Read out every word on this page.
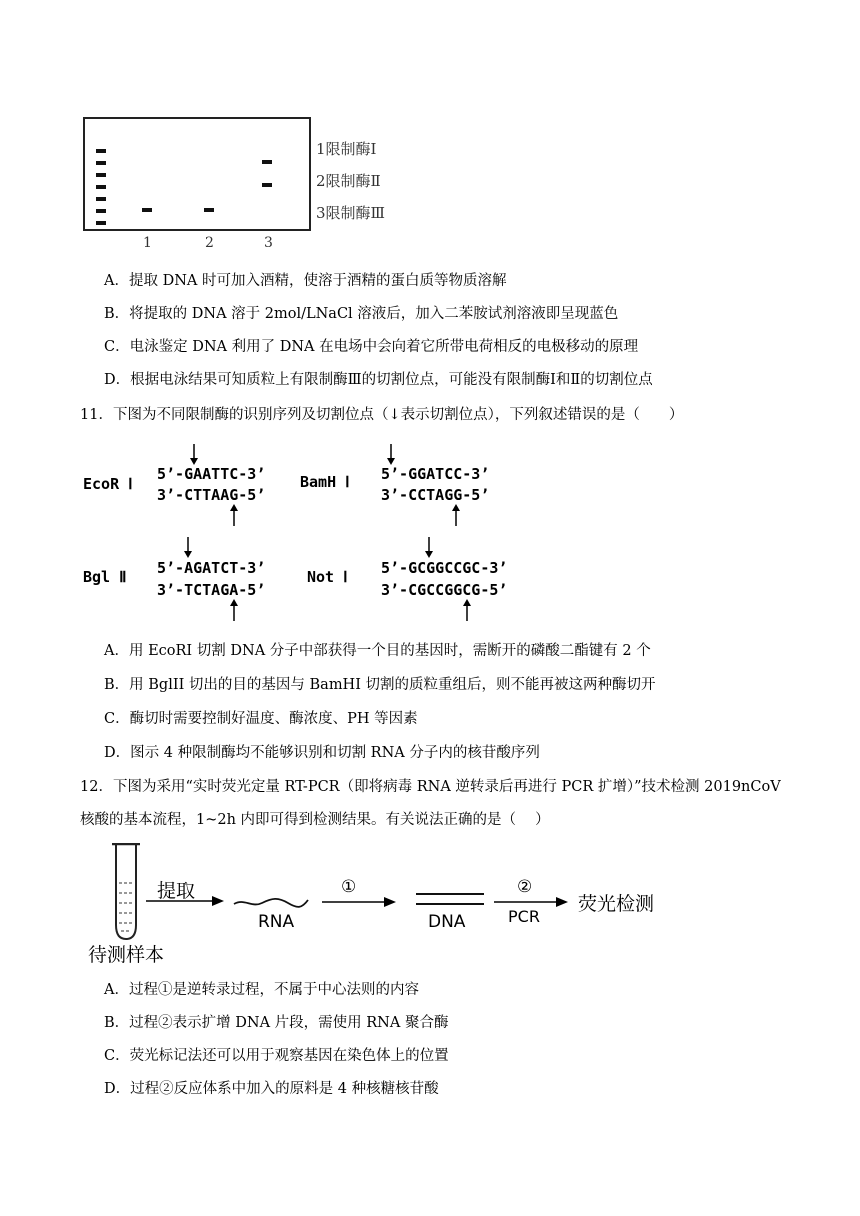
1限制酶Ⅰ
2限制酶Ⅱ
3限制酶Ⅲ
1	2	3
A．提取 DNA 时可加入酒精，使溶于酒精的蛋白质等物质溶解
B．将提取的 DNA 溶于 2mol/LNaCl 溶液后，加入二苯胺试剂溶液即呈现蓝色
C．电泳鉴定 DNA 利用了 DNA 在电场中会向着它所带电荷相反的电极移动的原理
D．根据电泳结果可知质粒上有限制酶Ⅲ的切割位点，可能没有限制酶Ⅰ和Ⅱ的切割位点
11．下图为不同限制酶的识别序列及切割位点（↓表示切割位点），下列叙述错误的是（　　）
EcoR Ⅰ
5’-GAATTC-3’
3’-CTTAAG-5’
BamH Ⅰ 5’-GGATCC-3’
3’-CCTAGG-5’
Bgl Ⅱ 5’-AGATCT-3’
3’-TCTAGA-5’
Not Ⅰ 5’-GCGGCCGC-3’
3’-CGCCGGCG-5’
A．用 EcoRI 切割 DNA 分子中部获得一个目的基因时，需断开的磷酸二酯键有 2 个
B．用 BglII 切出的目的基因与 BamHI 切割的质粒重组后，则不能再被这两种酶切开
C．酶切时需要控制好温度、酶浓度、PH 等因素
D．图示 4 种限制酶均不能够识别和切割 RNA 分子内的核苷酸序列
12．下图为采用“实时荧光定量 RT-PCR（即将病毒 RNA 逆转录后再进行 PCR 扩增）”技术检测 2019nCoV
核酸的基本流程，1~2h 内即可得到检测结果。有关说法正确的是（　 ）
待测样本
提取
RNA
①
DNA
②
PCR
荧光检测
A．过程①是逆转录过程，不属于中心法则的内容
B．过程②表示扩增 DNA 片段，需使用 RNA 聚合酶
C．荧光标记法还可以用于观察基因在染色体上的位置
D．过程②反应体系中加入的原料是 4 种核糖核苷酸
